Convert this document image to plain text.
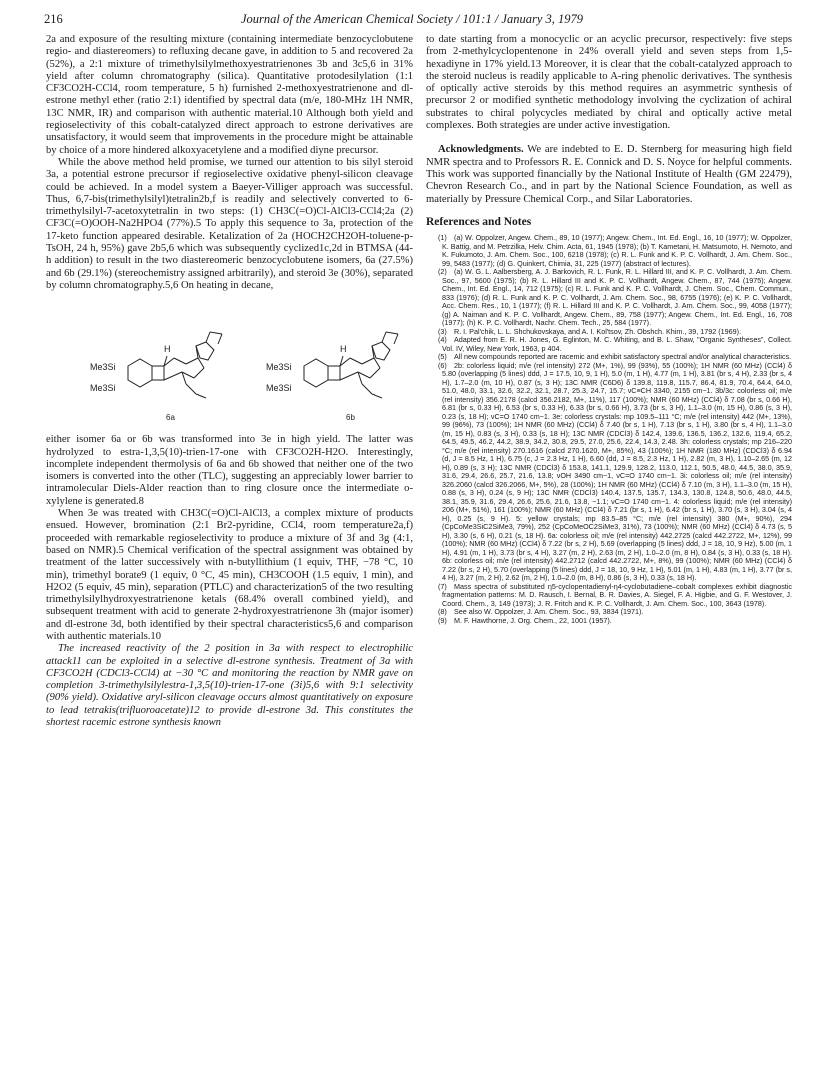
216	Journal of the American Chemical Society / 101:1 / January 3, 1979

2a and exposure of the resulting mixture (containing intermediate benzocyclobutene regio- and diastereomers) to refluxing decane gave, in addition to 5 and recovered 2a (52%), a 2:1 mixture of trimethylsilylmethoxyestratrienones 3b and 3c5,6 in 31% yield after column chromatography (silica). Quantitative protodesilylation (1:1 CF3CO2H-CCl4, room temperature, 5 h) furnished 2-methoxyestratrienone and dl-estrone methyl ether (ratio 2:1) identified by spectral data (m/e, 180-MHz 1H NMR, 13C NMR, IR) and comparison with authentic material.10 Although both yield and regioselectivity of this cobalt-catalyzed direct approach to estrone derivatives are unsatisfactory, it would seem that improvements in the procedure might be attainable by choice of a more hindered alkoxyacetylene and a modified diyne precursor.

While the above method held promise, we turned our attention to bis silyl steroid 3a, a potential estrone precursor if regioselective oxidative phenyl-silicon cleavage could be achieved. In a model system a Baeyer-Villiger approach was successful. Thus, 6,7-bis(trimethylsilyl)tetralin2b,f is readily and selectively converted to 6-trimethylsilyl-7-acetoxytetralin in two steps: (1) CH3C(=O)Cl-AlCl3-CCl4;2a (2) CF3C(=O)OOH-Na2HPO4 (77%).5 To apply this sequence to 3a, protection of the 17-keto function appeared desirable. Ketalization of 2a (HOCH2CH2OH-toluene-p-TsOH, 24 h, 95%) gave 2b5,6 which was subsequently cyclized1c,2d in BTMSA (44-h addition) to result in the two diastereomeric benzocyclobutene isomers, 6a (27.5%) and 6b (29.1%) (stereochemistry assigned arbitrarily), and steroid 3e (30%), separated by column chromatography.5,6 On heating in decane,

Me3Si
Me3Si
H
Me3Si
Me3Si
H
6a	6b

either isomer 6a or 6b was transformed into 3e in high yield. The latter was hydrolyzed to estra-1,3,5(10)-trien-17-one with CF3CO2H-H2O. Interestingly, incomplete independent thermolysis of 6a and 6b showed that neither one of the two isomers is converted into the other (TLC), suggesting an appreciably lower barrier to intramolecular Diels-Alder reaction than to ring closure once the intermediate o-xylylene is generated.8

When 3e was treated with CH3C(=O)Cl-AlCl3, a complex mixture of products ensued. However, bromination (2:1 Br2-pyridine, CCl4, room temperature2a,f) proceeded with remarkable regioselectivity to produce a mixture of 3f and 3g (4:1, based on NMR).5 Chemical verification of the spectral assignment was obtained by treatment of the latter successively with n-butyllithium (1 equiv, THF, −78 °C, 10 min), trimethyl borate9 (1 equiv, 0 °C, 45 min), CH3COOH (1.5 equiv, 1 min), and H2O2 (5 equiv, 45 min), separation (PTLC) and characterization5 of the two resulting trimethylsilylhydroxyestratrienone ketals (68.4% overall combined yield), and subsequent treatment with acid to generate 2-hydroxyestratrienone 3h (major isomer) and dl-estrone 3d, both identified by their spectral characteristics5,6 and comparison with authentic materials.10

The increased reactivity of the 2 position in 3a with respect to electrophilic attack11 can be exploited in a selective dl-estrone synthesis. Treatment of 3a with CF3CO2H (CDCl3-CCl4) at −30 °C and monitoring the reaction by NMR gave on completion 3-trimethylsilylestra-1,3,5(10)-trien-17-one (3i)5,6 with 9:1 selectivity (90% yield). Oxidative aryl-silicon cleavage occurs almost quantitatively on exposure to lead tetrakis(trifluoroacetate)12 to provide dl-estrone 3d. This constitutes the shortest racemic estrone synthesis known

to date starting from a monocyclic or an acyclic precursor, respectively: five steps from 2-methylcyclopentenone in 24% overall yield and seven steps from 1,5-hexadiyne in 17% yield.13 Moreover, it is clear that the cobalt-catalyzed approach to the steroid nucleus is readily applicable to A-ring phenolic derivatives. The synthesis of optically active steroids by this method requires an asymmetric synthesis of precursor 2 or modified synthetic methodology involving the cyclization of achiral substrates to chiral polycycles mediated by chiral and optically active metal complexes. Both strategies are under active investigation.

Acknowledgments. We are indebted to E. D. Sternberg for measuring high field NMR spectra and to Professors R. E. Connick and D. S. Noyce for helpful comments. This work was supported financially by the National Institute of Health (GM 22479), Chevron Research Co., and in part by the National Science Foundation, as well as materially by Pressure Chemical Corp., and Silar Laboratories.

References and Notes

(1) (a) W. Oppolzer, Angew. Chem., 89, 10 (1977); Angew. Chem., Int. Ed. Engl., 16, 10 (1977); W. Oppolzer, K. Battig, and M. Petrzilka, Helv. Chim. Acta, 61, 1945 (1978); (b) T. Kametani, H. Matsumoto, H. Nemoto, and K. Fukumoto, J. Am. Chem. Soc., 100, 6218 (1978); (c) R. L. Funk and K. P. C. Vollhardt, J. Am. Chem. Soc., 99, 5483 (1977); (d) G. Quinkert, Chimia, 31, 225 (1977) (abstract of lectures).

(2) (a) W. G. L. Aalbersberg, A. J. Barkovich, R. L. Funk, R. L. Hillard III, and K. P. C. Vollhardt, J. Am. Chem. Soc., 97, 5600 (1975); (b) R. L. Hillard III and K. P. C. Vollhardt, Angew. Chem., 87, 744 (1975); Angew. Chem., Int. Ed. Engl., 14, 712 (1975); (c) R. L. Funk and K. P. C. Vollhardt, J. Chem. Soc., Chem. Commun., 833 (1976); (d) R. L. Funk and K. P. C. Vollhardt, J. Am. Chem. Soc., 98, 6755 (1976); (e) K. P. C. Vollhardt, Acc. Chem. Res., 10, 1 (1977); (f) R. L. Hillard III and K. P. C. Vollhardt, J. Am. Chem. Soc., 99, 4058 (1977); (g) A. Naiman and K. P. C. Vollhardt, Angew. Chem., 89, 758 (1977); Angew. Chem., Int. Ed. Engl., 16, 708 (1977); (h) K. P. C. Vollhardt, Nachr. Chem. Tech., 25, 584 (1977).

(3) R. I. Pal'chik, L. L. Shchukovskaya, and A. I. Kol'tsov, Zh. Obshch. Khim., 39, 1792 (1969).

(4) Adapted from E. R. H. Jones, G. Eglinton, M. C. Whiting, and B. L. Shaw, "Organic Syntheses", Collect. Vol. IV, Wiley, New York, 1963, p 404.

(5) All new compounds reported are racemic and exhibit satisfactory spectral and/or analytical characteristics.

(6) 2b: colorless liquid; m/e (rel intensity) 272 (M+, 1%), 99 (93%), 55 (100%); 1H NMR (60 MHz) (CCl4) δ 5.80 (overlapping (5 lines) ddd, J = 17.5, 10, 9, 1 H), 5.0 (m, 1 H), 4.77 (m, 1 H), 3.81 (br s, 4 H), 2.33 (br s, 4 H), 1.7–2.0 (m, 10 H), 0.87 (s, 3 H); 13C NMR (C6D6) δ 139.8, 119.8, 115.7, 86.4, 81.9, 70.4, 64.4, 64.0, 51.0, 48.0, 33.1, 32.6, 32.2, 32.1, 28.7, 25.3, 24.7, 15.7; νC≡CH 3340, 2155 cm−1. 3b/3c: colorless oil; m/e (rel intensity) 356.2178 (calcd 356.2182, M+, 11%), 117 (100%); NMR (60 MHz) (CCl4) δ 7.08 (br s, 0.66 H), 6.81 (br s, 0.33 H), 6.53 (br s, 0.33 H), 6.33 (br s, 0.66 H), 3.73 (br s, 3 H), 1.1–3.0 (m, 15 H), 0.86 (s, 3 H), 0.23 (s, 18 H); νC=O 1740 cm−1. 3e: colorless crystals: mp 109.5–111 °C; m/e (rel intensity) 442 (M+, 13%), 99 (96%), 73 (100%); 1H NMR (60 MHz) (CCl4) δ 7.40 (br s, 1 H), 7.13 (br s, 1 H), 3.80 (br s, 4 H), 1.1–3.0 (m, 15 H), 0.83 (s, 3 H), 0.33 (s, 18 H); 13C NMR (CDCl3) δ 142.4, 139.6, 136.5, 136.2, 132.6, 119.4, 65.2, 64.5, 49.5, 46.2, 44.2, 38.9, 34.2, 30.8, 29.5, 27.0, 25.6, 22.4, 14.3, 2.48. 3h: colorless crystals; mp 216–220 °C; m/e (rel intensity) 270.1616 (calcd 270.1620, M+, 85%), 43 (100%); 1H NMR (180 MHz) (CDCl3) δ 6.94 (d, J = 8.5 Hz, 1 H), 6.75 (c, J = 2.3 Hz, 1 H), 6.60 (dd, J = 8.5, 2.3 Hz, 1 H), 2.82 (m, 3 H), 1.10–2.65 (m, 12 H), 0.89 (s, 3 H); 13C NMR (CDCl3) δ 153.8, 141.1, 129.9, 128.2, 113.0, 112.1, 50.5, 48.0, 44.5, 38.0, 35.9, 31.6, 29.4, 26.6, 25.7, 21.6, 13.8; νOH 3490 cm−1, νC=O 1740 cm−1. 3i: colorless oil; m/e (rel intensity) 326.2060 (calcd 326.2066, M+, 5%), 28 (100%); 1H NMR (60 MHz) (CCl4) δ 7.10 (m, 3 H), 1.1–3.0 (m, 15 H), 0.88 (s, 3 H), 0.24 (s, 9 H); 13C NMR (CDCl3) 140.4, 137.5, 135.7, 134.3, 130.8, 124.8, 50.6, 48.0, 44.5, 38.1, 35.9, 31.6, 29.4, 26.6, 25.6, 21.6, 13.8, −1.1; νC=O 1740 cm−1. 4: colorless liquid; m/e (rel intensity) 206 (M+, 51%), 161 (100%); NMR (60 MHz) (CCl4) δ 7.21 (br s, 1 H), 6.42 (br s, 1 H), 3.70 (s, 3 H), 3.04 (s, 4 H), 0.25 (s, 9 H). 5: yellow crystals; mp 83.5–85 °C; m/e (rel intensity) 380 (M+, 90%), 294 (CpCoMe3SiC2SiMe3, 79%), 252 (CpCoMeOC2SiMe3, 31%), 73 (100%); NMR (60 MHz) (CCl4) δ 4.73 (s, 5 H), 3.30 (s, 6 H), 0.21 (s, 18 H). 6a: colorless oil; m/e (rel intensity) 442.2725 (calcd 442.2722, M+, 12%), 99 (100%); NMR (60 MHz) (CCl4) δ 7.22 (br s, 2 H), 5.69 (overlapping (5 lines) ddd, J = 18, 10, 9 Hz), 5.00 (m, 1 H), 4.91 (m, 1 H), 3.73 (br s, 4 H), 3.27 (m, 2 H), 2.63 (m, 2 H), 1.0–2.0 (m, 8 H), 0.84 (s, 3 H), 0.33 (s, 18 H). 6b: colorless oil; m/e (rel intensity) 442.2712 (calcd 442.2722, M+, 8%), 99 (100%); NMR (60 MHz) (CCl4) δ 7.22 (br s, 2 H), 5.70 (overlapping (5 lines) ddd, J = 18, 10, 9 Hz, 1 H), 5.01 (m, 1 H), 4.83 (m, 1 H), 3.77 (br s, 4 H), 3.27 (m, 2 H), 2.62 (m, 2 H), 1.0–2.0 (m, 8 H), 0.86 (s, 3 H), 0.33 (s, 18 H).

(7) Mass spectra of substituted η5-cyclopentadienyl-η4-cyclobutadiene–cobalt complexes exhibit diagnostic fragmentation patterns: M. D. Rausch, I. Bernal, B. R. Davies, A. Siegel, F. A. Higbie, and G. F. Westover, J. Coord. Chem., 3, 149 (1973); J. R. Fritch and K. P. C. Vollhardt, J. Am. Chem. Soc., 100, 3643 (1978).

(8) See also W. Oppolzer, J. Am. Chem. Soc., 93, 3834 (1971).

(9) M. F. Hawthorne, J. Org. Chem., 22, 1001 (1957).
